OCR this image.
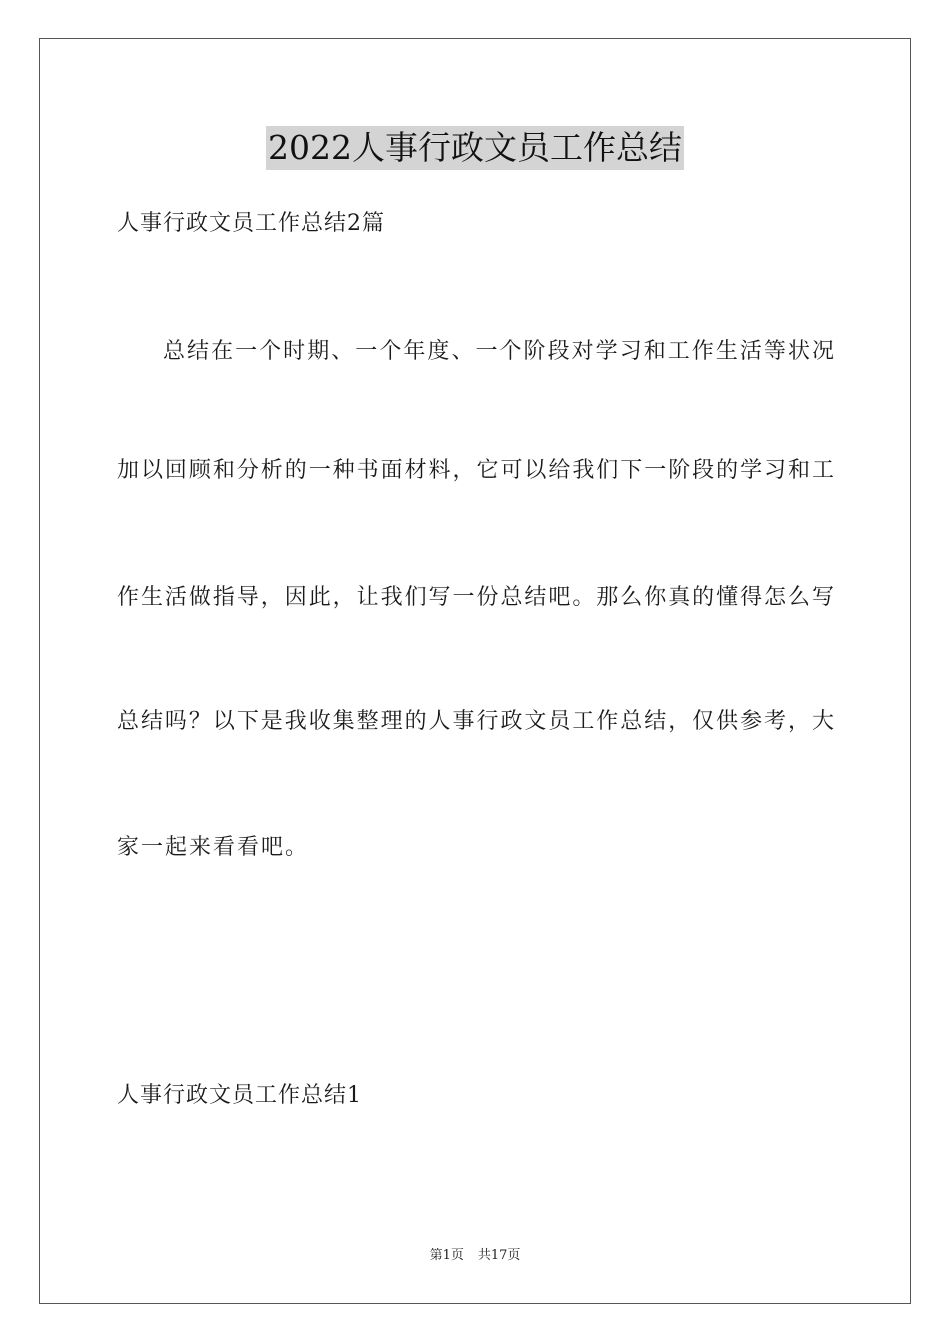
2022人事行政文员工作总结
人事行政文员工作总结2篇
总结在一个时期、一个年度、一个阶段对学习和工作生活等状况
加以回顾和分析的一种书面材料，它可以给我们下一阶段的学习和工
作生活做指导，因此，让我们写一份总结吧。那么你真的懂得怎么写
总结吗？以下是我收集整理的人事行政文员工作总结，仅供参考，大
家一起来看看吧。
人事行政文员工作总结1
第1页 共17页
